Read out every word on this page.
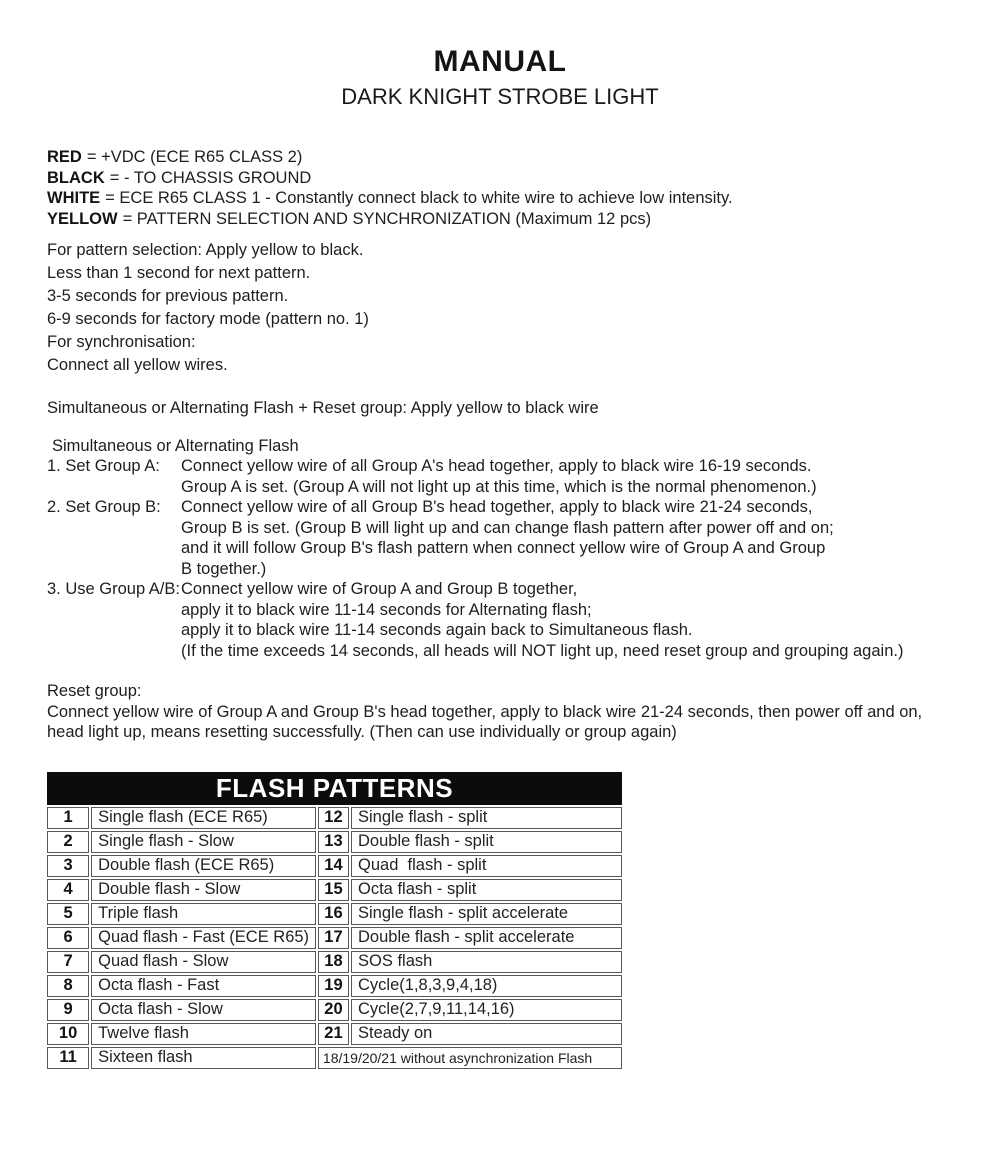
MANUAL
DARK KNIGHT STROBE LIGHT
RED = +VDC (ECE R65 CLASS 2)
BLACK = - TO CHASSIS GROUND
WHITE = ECE R65 CLASS 1 - Constantly connect black to white wire to achieve low intensity.
YELLOW = PATTERN SELECTION AND SYNCHRONIZATION (Maximum 12 pcs)
For pattern selection: Apply yellow to black.
Less than 1 second for next pattern.
3-5 seconds for previous pattern.
6-9 seconds for factory mode (pattern no. 1)
For synchronisation:
Connect all yellow wires.
Simultaneous or Alternating Flash + Reset group: Apply yellow to black wire
Simultaneous or Alternating Flash
1. Set Group A:	Connect yellow wire of all Group A's head together, apply to black wire 16-19 seconds.
Group A is set. (Group A will not light up at this time, which is the normal phenomenon.)
2. Set Group B:	Connect yellow wire of all Group B's head together, apply to black wire 21-24 seconds,
Group B is set. (Group B will light up and can change flash pattern after power off and on;
and it will follow Group B's flash pattern when connect yellow wire of Group A and Group
B together.)
3. Use Group A/B: Connect yellow wire of Group A and Group B together,
apply it to black wire 11-14 seconds for Alternating flash;
apply it to black wire 11-14 seconds again back to Simultaneous flash.
(If the time exceeds 14 seconds, all heads will NOT light up, need reset group and grouping again.)
Reset group:
Connect yellow wire of Group A and Group B's head together, apply to black wire 21-24 seconds, then power off and on,
head light up, means resetting successfully. (Then can use individually or group again)
FLASH PATTERNS			
1	Single flash (ECE R65)	12	Single flash - split
2	Single flash - Slow	13	Double flash - split
3	Double flash (ECE R65)	14	Quad  flash - split
4	Double flash - Slow	15	Octa flash - split
5	Triple flash	16	Single flash - split accelerate
6	Quad flash - Fast (ECE R65)	17	Double flash - split accelerate
7	Quad flash - Slow	18	SOS flash
8	Octa flash - Fast	19	Cycle(1,8,3,9,4,18)
9	Octa flash - Slow	20	Cycle(2,7,9,11,14,16)
10	Twelve flash	21	Steady on
11	Sixteen flash	18/19/20/21 without asynchronization Flash	
